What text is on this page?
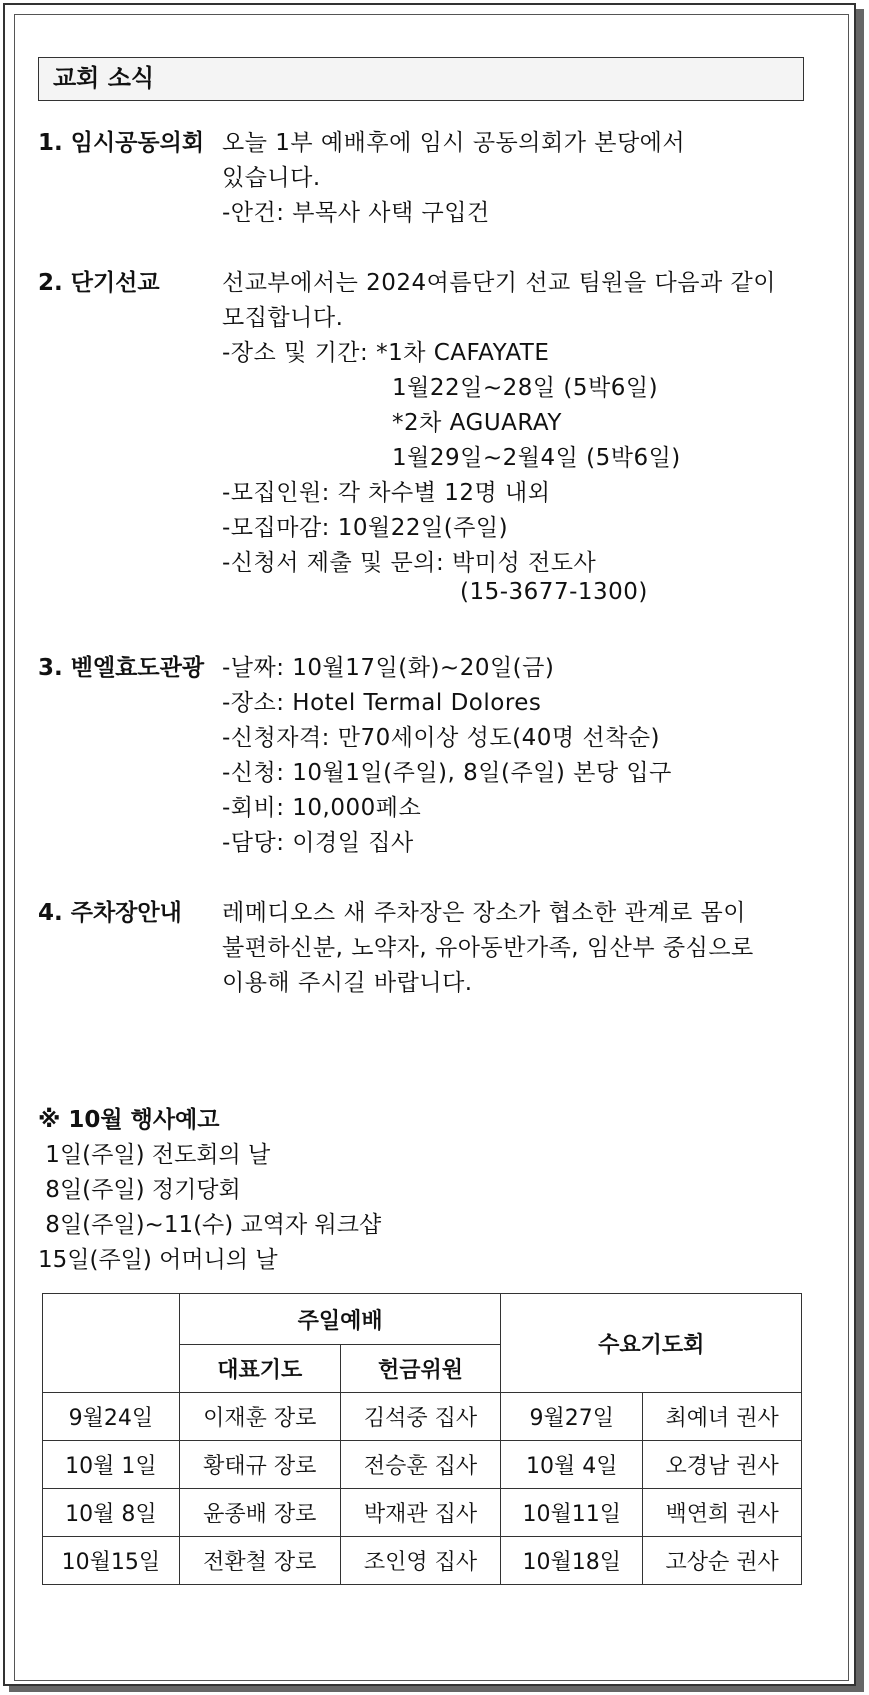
교회 소식
1. 임시공동의회 오늘 1부 예배후에 임시 공동의회가 본당에서
있습니다.
-안건: 부목사 사택 구입건
2. 단기선교	선교부에서는 2024여름단기 선교 팀원을 다음과 같이
모집합니다.
-장소 및 기간: *1차 CAFAYATE
1월22일~28일 (5박6일)
*2차 AGUARAY
1월29일~2월4일 (5박6일)
-모집인원: 각 차수별 12명 내외
-모집마감: 10월22일(주일)
-신청서 제출 및 문의: 박미성 전도사
(15-3677-1300)
3. 벧엘효도관광 -날짜: 10월17일(화)~20일(금)
-장소: Hotel Termal Dolores
-신청자격: 만70세이상 성도(40명 선착순)
-신청: 10월1일(주일), 8일(주일) 본당 입구
-회비: 10,000페소
-담당: 이경일 집사
4. 주차장안내 레메디오스 새 주차장은 장소가 협소한 관계로 몸이
불편하신분, 노약자, 유아동반가족, 임산부 중심으로
이용해 주시길 바랍니다.
※ 10월 행사예고
1일(주일) 전도회의 날
8일(주일) 정기당회
8일(주일)~11(수) 교역자 워크샵
15일(주일) 어머니의 날
	주일예배		수요기도회	
	대표기도	헌금위원		
9월24일	이재훈 장로	김석중 집사	9월27일	최예녀 권사
10월 1일	황태규 장로	전승훈 집사	10월 4일	오경남 권사
10월 8일	윤종배 장로	박재관 집사	10월11일	백연희 권사
10월15일	전환철 장로	조인영 집사	10월18일	고상순 권사
